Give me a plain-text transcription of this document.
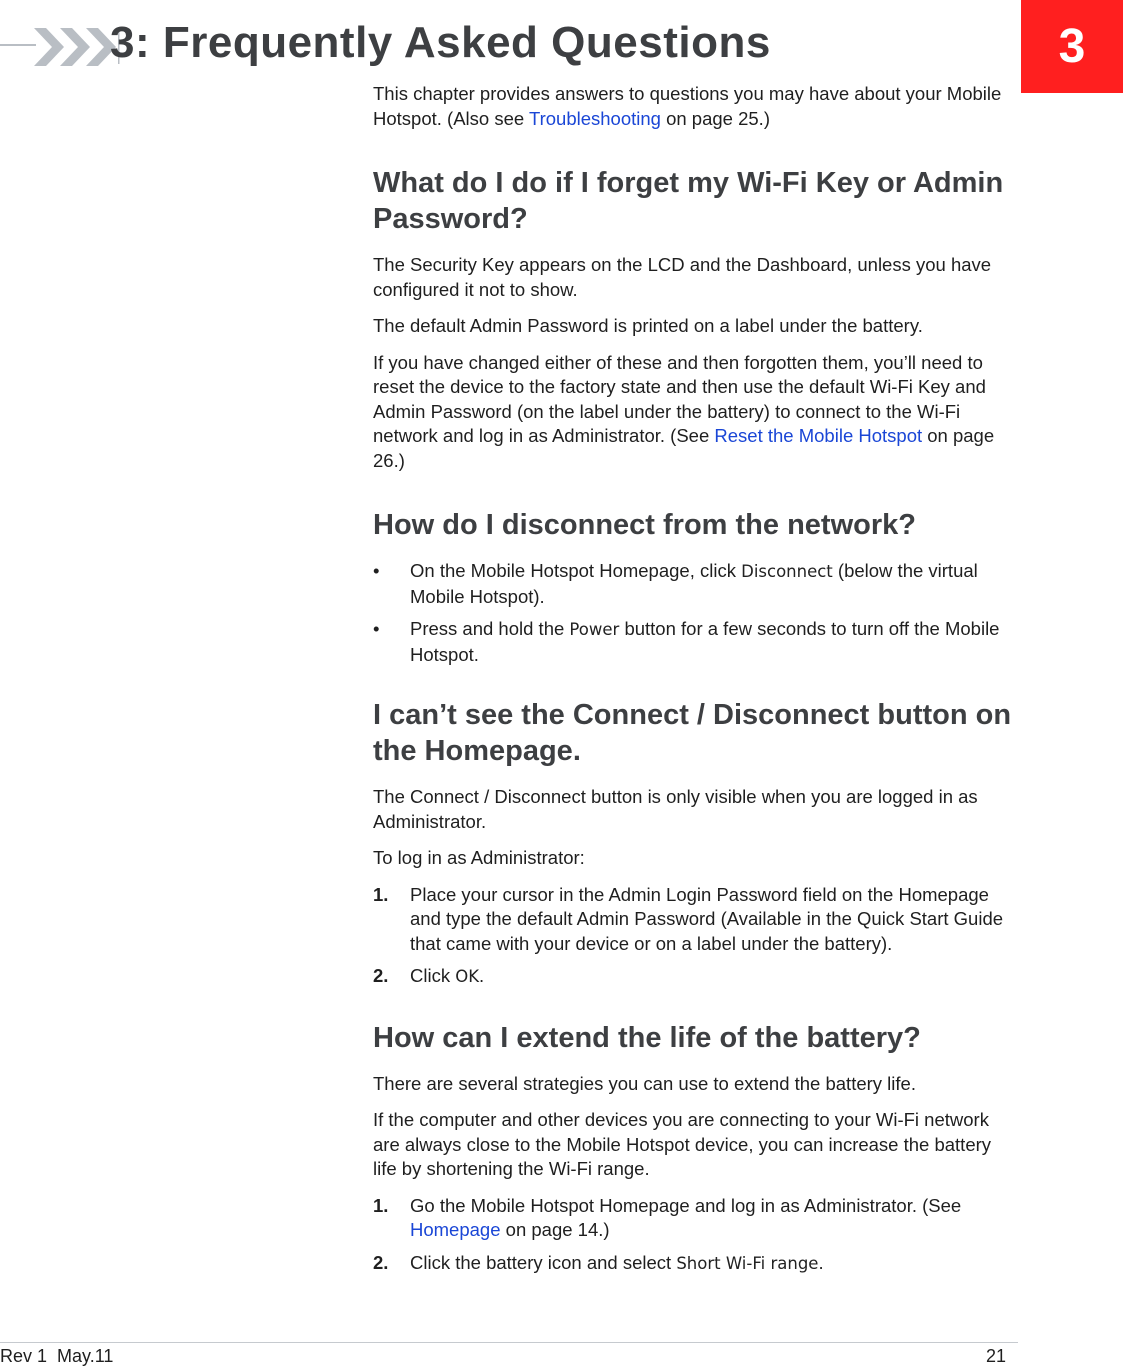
3: Frequently Asked Questions	3

This chapter provides answers to questions you may have about your Mobile Hotspot. (Also see Troubleshooting on page 25.)

What do I do if I forget my Wi-Fi Key or Admin Password?

The Security Key appears on the LCD and the Dashboard, unless you have configured it not to show.

The default Admin Password is printed on a label under the battery.

If you have changed either of these and then forgotten them, you’ll need to reset the device to the factory state and then use the default Wi-Fi Key and Admin Password (on the label under the battery) to connect to the Wi-Fi network and log in as Administrator. (See Reset the Mobile Hotspot on page 26.)

How do I disconnect from the network?
• On the Mobile Hotspot Homepage, click Disconnect (below the virtual Mobile Hotspot).
• Press and hold the Power button for a few seconds to turn off the Mobile Hotspot.
I can’t see the Connect / Disconnect button on the Homepage.

The Connect / Disconnect button is only visible when you are logged in as Administrator.

To log in as Administrator:

1. Place your cursor in the Admin Login Password field on the Homepage and type the default Admin Password (Available in the Quick Start Guide that came with your device or on a label under the battery).
2. Click OK.
How can I extend the life of the battery?

There are several strategies you can use to extend the battery life.

If the computer and other devices you are connecting to your Wi-Fi network are always close to the Mobile Hotspot device, you can increase the battery life by shortening the Wi-Fi range.

1. Go the Mobile Hotspot Homepage and log in as Administrator. (See Homepage on page 14.)
2. Click the battery icon and select Short Wi-Fi range.
Rev 1  May.11	21
